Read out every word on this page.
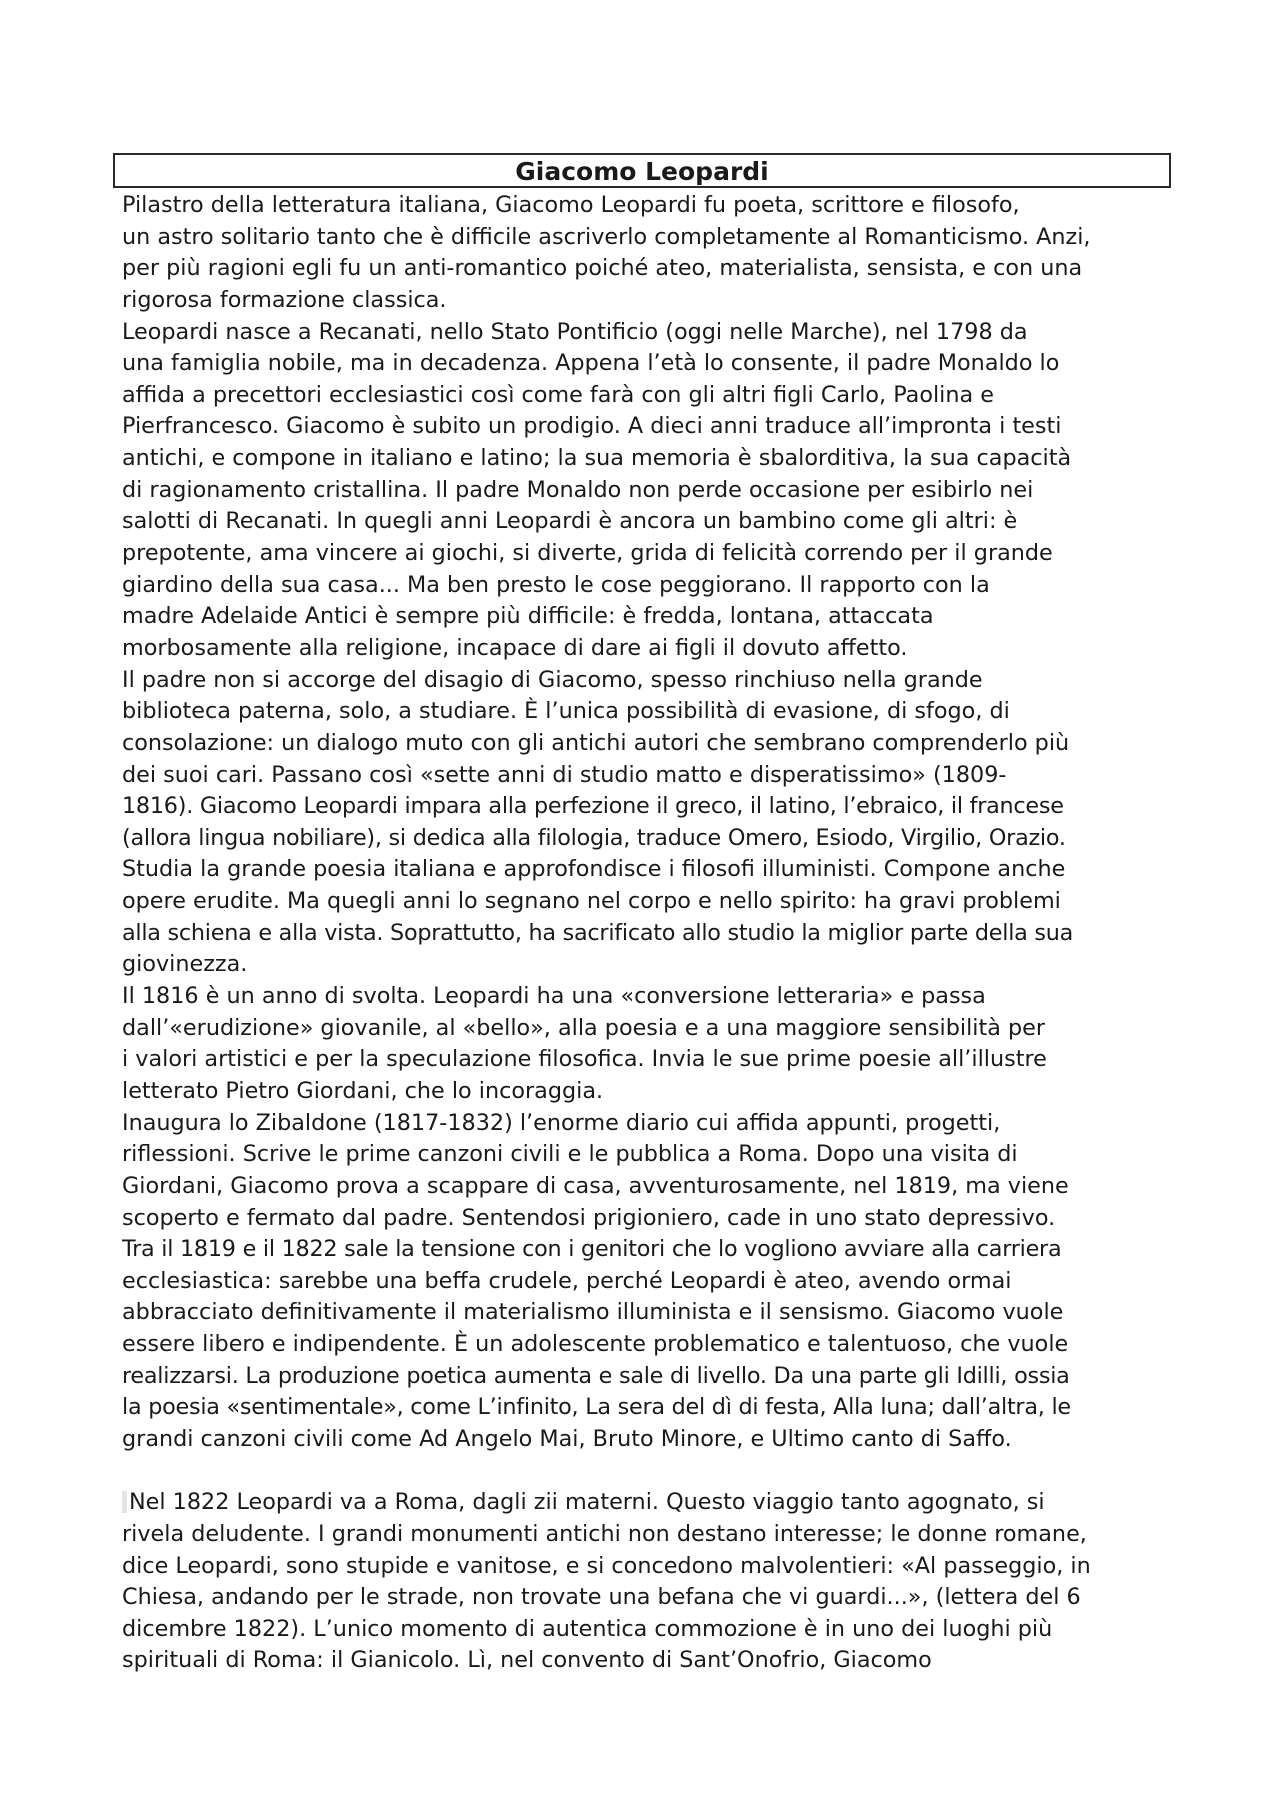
Giacomo Leopardi
Pilastro della letteratura italiana, Giacomo Leopardi fu poeta, scrittore e filosofo,
un astro solitario tanto che è difficile ascriverlo completamente al Romanticismo. Anzi,
per più ragioni egli fu un anti-romantico poiché ateo, materialista, sensista, e con una
rigorosa formazione classica.
Leopardi nasce a Recanati, nello Stato Pontificio (oggi nelle Marche), nel 1798 da
una famiglia nobile, ma in decadenza. Appena l’età lo consente, il padre Monaldo lo
affida a precettori ecclesiastici così come farà con gli altri figli Carlo, Paolina e
Pierfrancesco. Giacomo è subito un prodigio. A dieci anni traduce all’impronta i testi
antichi, e compone in italiano e latino; la sua memoria è sbalorditiva, la sua capacità
di ragionamento cristallina. Il padre Monaldo non perde occasione per esibirlo nei
salotti di Recanati. In quegli anni Leopardi è ancora un bambino come gli altri: è
prepotente, ama vincere ai giochi, si diverte, grida di felicità correndo per il grande
giardino della sua casa... Ma ben presto le cose peggiorano. Il rapporto con la
madre Adelaide Antici è sempre più difficile: è fredda, lontana, attaccata
morbosamente alla religione, incapace di dare ai figli il dovuto affetto.
Il padre non si accorge del disagio di Giacomo, spesso rinchiuso nella grande
biblioteca paterna, solo, a studiare. È l’unica possibilità di evasione, di sfogo, di
consolazione: un dialogo muto con gli antichi autori che sembrano comprenderlo più
dei suoi cari. Passano così «sette anni di studio matto e disperatissimo» (1809-
1816). Giacomo Leopardi impara alla perfezione il greco, il latino, l’ebraico, il francese
(allora lingua nobiliare), si dedica alla filologia, traduce Omero, Esiodo, Virgilio, Orazio.
Studia la grande poesia italiana e approfondisce i filosofi illuministi. Compone anche
opere erudite. Ma quegli anni lo segnano nel corpo e nello spirito: ha gravi problemi
alla schiena e alla vista. Soprattutto, ha sacrificato allo studio la miglior parte della sua
giovinezza.
Il 1816 è un anno di svolta. Leopardi ha una «conversione letteraria» e passa
dall’«erudizione» giovanile, al «bello», alla poesia e a una maggiore sensibilità per
i valori artistici e per la speculazione filosofica. Invia le sue prime poesie all’illustre
letterato Pietro Giordani, che lo incoraggia.
Inaugura lo Zibaldone (1817-1832) l’enorme diario cui affida appunti, progetti,
riflessioni. Scrive le prime canzoni civili e le pubblica a Roma. Dopo una visita di
Giordani, Giacomo prova a scappare di casa, avventurosamente, nel 1819, ma viene
scoperto e fermato dal padre. Sentendosi prigioniero, cade in uno stato depressivo.
Tra il 1819 e il 1822 sale la tensione con i genitori che lo vogliono avviare alla carriera
ecclesiastica: sarebbe una beffa crudele, perché Leopardi è ateo, avendo ormai
abbracciato definitivamente il materialismo illuminista e il sensismo. Giacomo vuole
essere libero e indipendente. È un adolescente problematico e talentuoso, che vuole
realizzarsi. La produzione poetica aumenta e sale di livello. Da una parte gli Idilli, ossia
la poesia «sentimentale», come L’infinito, La sera del dì di festa, Alla luna; dall’altra, le
grandi canzoni civili come Ad Angelo Mai, Bruto Minore, e Ultimo canto di Saffo.
Nel 1822 Leopardi va a Roma, dagli zii materni. Questo viaggio tanto agognato, si
rivela deludente. I grandi monumenti antichi non destano interesse; le donne romane,
dice Leopardi, sono stupide e vanitose, e si concedono malvolentieri: «Al passeggio, in
Chiesa, andando per le strade, non trovate una befana che vi guardi...», (lettera del 6
dicembre 1822). L’unico momento di autentica commozione è in uno dei luoghi più
spirituali di Roma: il Gianicolo. Lì, nel convento di Sant’Onofrio, Giacomo
